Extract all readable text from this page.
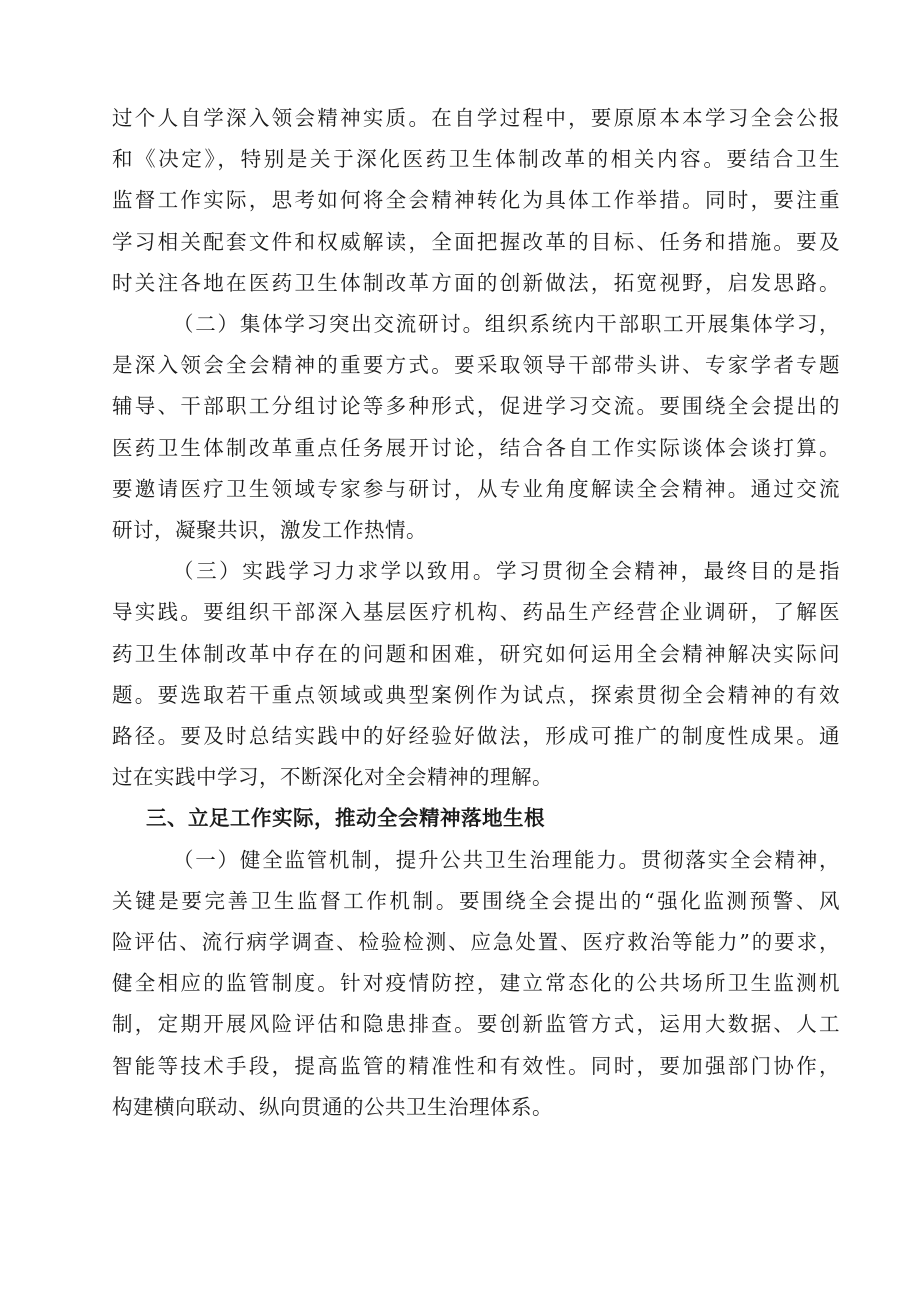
过个人自学深入领会精神实质。在自学过程中，要原原本本学习全会公报
和《决定》，特别是关于深化医药卫生体制改革的相关内容。要结合卫生
监督工作实际，思考如何将全会精神转化为具体工作举措。同时，要注重
学习相关配套文件和权威解读，全面把握改革的目标、任务和措施。要及
时关注各地在医药卫生体制改革方面的创新做法，拓宽视野，启发思路。
（二）集体学习突出交流研讨。组织系统内干部职工开展集体学习，
是深入领会全会精神的重要方式。要采取领导干部带头讲、专家学者专题
辅导、干部职工分组讨论等多种形式，促进学习交流。要围绕全会提出的
医药卫生体制改革重点任务展开讨论，结合各自工作实际谈体会谈打算。
要邀请医疗卫生领域专家参与研讨，从专业角度解读全会精神。通过交流
研讨，凝聚共识，激发工作热情。
（三）实践学习力求学以致用。学习贯彻全会精神，最终目的是指
导实践。要组织干部深入基层医疗机构、药品生产经营企业调研，了解医
药卫生体制改革中存在的问题和困难，研究如何运用全会精神解决实际问
题。要选取若干重点领域或典型案例作为试点，探索贯彻全会精神的有效
路径。要及时总结实践中的好经验好做法，形成可推广的制度性成果。通
过在实践中学习，不断深化对全会精神的理解。
三、立足工作实际，推动全会精神落地生根
（一）健全监管机制，提升公共卫生治理能力。贯彻落实全会精神，
关键是要完善卫生监督工作机制。要围绕全会提出的“强化监测预警、风
险评估、流行病学调查、检验检测、应急处置、医疗救治等能力”的要求，
健全相应的监管制度。针对疫情防控，建立常态化的公共场所卫生监测机
制，定期开展风险评估和隐患排查。要创新监管方式，运用大数据、人工
智能等技术手段，提高监管的精准性和有效性。同时，要加强部门协作，
构建横向联动、纵向贯通的公共卫生治理体系。
